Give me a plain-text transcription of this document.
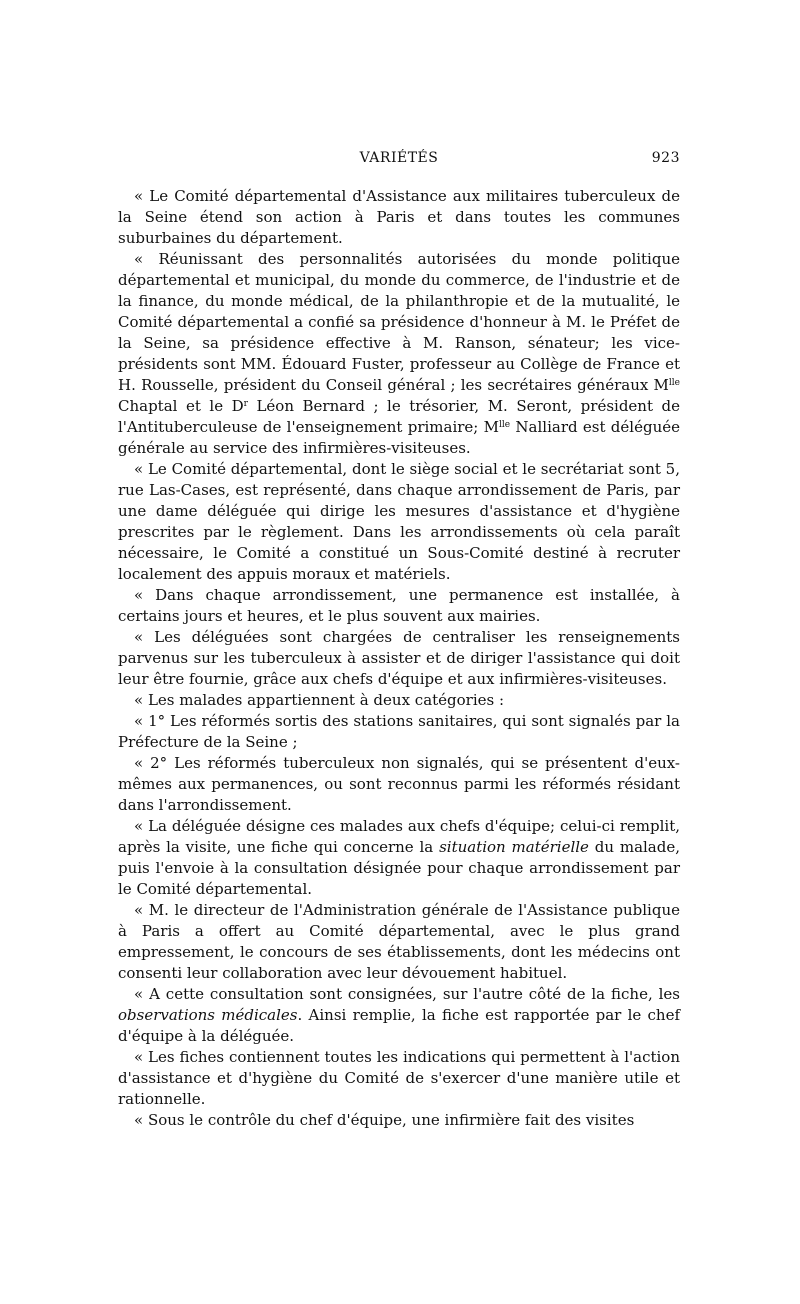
VARIÉTÉS	923

« Le Comité départemental d'Assistance aux militaires tuberculeux de la Seine étend son action à Paris et dans toutes les communes suburbaines du département.

« Réunissant des personnalités autorisées du monde politique départemental et municipal, du monde du commerce, de l'industrie et de la finance, du monde médical, de la philanthropie et de la mutualité, le Comité départemental a confié sa présidence d'honneur à M. le Préfet de la Seine, sa présidence effective à M. Ranson, sénateur; les vice-présidents sont MM. Édouard Fuster, professeur au Collège de France et H. Rousselle, président du Conseil général ; les secrétaires généraux $M^{lle}$ Chaptal et le $D^r$ Léon Bernard ; le trésorier, M. Seront, président de l'Antituberculeuse de l'enseignement primaire; $M^{lle}$ Nalliard est déléguée générale au service des infirmières-visiteuses.

« Le Comité départemental, dont le siège social et le secrétariat sont 5, rue Las-Cases, est représenté, dans chaque arrondissement de Paris, par une dame déléguée qui dirige les mesures d'assistance et d'hygiène prescrites par le règlement. Dans les arrondissements où cela paraît nécessaire, le Comité a constitué un Sous-Comité destiné à recruter localement des appuis moraux et matériels.

« Dans chaque arrondissement, une permanence est installée, à certains jours et heures, et le plus souvent aux mairies.

« Les déléguées sont chargées de centraliser les renseignements parvenus sur les tuberculeux à assister et de diriger l'assistance qui doit leur être fournie, grâce aux chefs d'équipe et aux infirmières-visiteuses.

« Les malades appartiennent à deux catégories :

« 1° Les réformés sortis des stations sanitaires, qui sont signalés par la Préfecture de la Seine ;

« 2° Les réformés tuberculeux non signalés, qui se présentent d'eux-mêmes aux permanences, ou sont reconnus parmi les réformés résidant dans l'arrondissement.

« La déléguée désigne ces malades aux chefs d'équipe; celui-ci remplit, après la visite, une fiche qui concerne la situation matérielle du malade, puis l'envoie à la consultation désignée pour chaque arrondissement par le Comité départemental.

« M. le directeur de l'Administration générale de l'Assistance publique à Paris a offert au Comité départemental, avec le plus grand empressement, le concours de ses établissements, dont les médecins ont consenti leur collaboration avec leur dévouement habituel.

« A cette consultation sont consignées, sur l'autre côté de la fiche, les observations médicales. Ainsi remplie, la fiche est rapportée par le chef d'équipe à la déléguée.

« Les fiches contiennent toutes les indications qui permettent à l'action d'assistance et d'hygiène du Comité de s'exercer d'une manière utile et rationnelle.

« Sous le contrôle du chef d'équipe, une infirmière fait des visites
